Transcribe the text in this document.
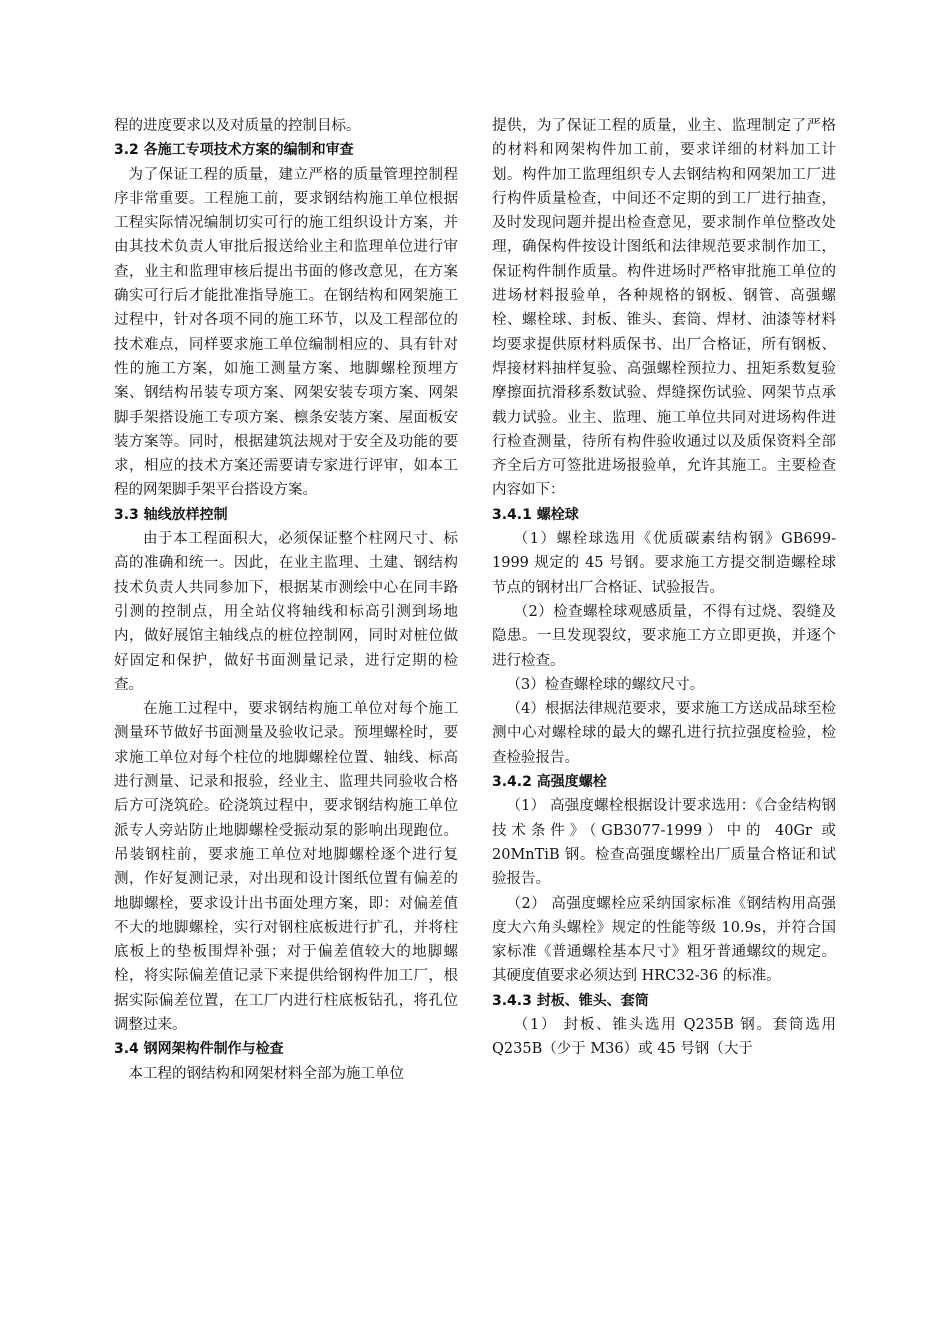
程的进度要求以及对质量的控制目标。

3.2 各施工专项技术方案的编制和审查

为了保证工程的质量，建立严格的质量管理控制程序非常重要。工程施工前，要求钢结构施工单位根据工程实际情况编制切实可行的施工组织设计方案，并由其技术负责人审批后报送给业主和监理单位进行审查，业主和监理审核后提出书面的修改意见，在方案确实可行后才能批准指导施工。在钢结构和网架施工过程中，针对各项不同的施工环节，以及工程部位的技术难点，同样要求施工单位编制相应的、具有针对性的施工方案，如施工测量方案、地脚螺栓预埋方案、钢结构吊装专项方案、网架安装专项方案、网架脚手架搭设施工专项方案、檩条安装方案、屋面板安装方案等。同时，根据建筑法规对于安全及功能的要求，相应的技术方案还需要请专家进行评审，如本工程的网架脚手架平台搭设方案。

3.3 轴线放样控制

由于本工程面积大，必须保证整个柱网尺寸、标高的准确和统一。因此，在业主监理、土建、钢结构技术负责人共同参加下，根据某市测绘中心在同丰路引测的控制点，用全站仪将轴线和标高引测到场地内，做好展馆主轴线点的桩位控制网，同时对桩位做好固定和保护，做好书面测量记录，进行定期的检查。

在施工过程中，要求钢结构施工单位对每个施工测量环节做好书面测量及验收记录。预埋螺栓时，要求施工单位对每个柱位的地脚螺栓位置、轴线、标高进行测量、记录和报验，经业主、监理共同验收合格后方可浇筑砼。砼浇筑过程中，要求钢结构施工单位派专人旁站防止地脚螺栓受振动泵的影响出现跑位。吊装钢柱前，要求施工单位对地脚螺栓逐个进行复测，作好复测记录，对出现和设计图纸位置有偏差的地脚螺栓，要求设计出书面处理方案，即：对偏差值不大的地脚螺栓，实行对钢柱底板进行扩孔，并将柱底板上的垫板围焊补强；对于偏差值较大的地脚螺栓，将实际偏差值记录下来提供给钢构件加工厂，根据实际偏差位置，在工厂内进行柱底板钻孔，将孔位调整过来。

3.4 钢网架构件制作与检查

本工程的钢结构和网架材料全部为施工单位

提供，为了保证工程的质量，业主、监理制定了严格的材料和网架构件加工前，要求详细的材料加工计划。构件加工监理组织专人去钢结构和网架加工厂进行构件质量检查，中间还不定期的到工厂进行抽查，及时发现问题并提出检查意见，要求制作单位整改处理，确保构件按设计图纸和法律规范要求制作加工，保证构件制作质量。构件进场时严格审批施工单位的进场材料报验单，各种规格的钢板、钢管、高强螺栓、螺栓球、封板、锥头、套筒、焊材、油漆等材料均要求提供原材料质保书、出厂合格证，所有钢板、焊接材料抽样复验、高强螺栓预拉力、扭矩系数复验摩擦面抗滑移系数试验、焊缝探伤试验、网架节点承载力试验。业主、监理、施工单位共同对进场构件进行检查测量，待所有构件验收通过以及质保资料全部齐全后方可签批进场报验单，允许其施工。主要检查内容如下：

3.4.1 螺栓球

（1）螺栓球选用《优质碳素结构钢》GB699-1999 规定的 45 号钢。要求施工方提交制造螺栓球节点的钢材出厂合格证、试验报告。

（2）检查螺栓球观感质量，不得有过烧、裂缝及隐患。一旦发现裂纹，要求施工方立即更换，并逐个进行检查。

（3）检查螺栓球的螺纹尺寸。

（4）根据法律规范要求，要求施工方送成品球至检测中心对螺栓球的最大的螺孔进行抗拉强度检验，检查检验报告。

3.4.2 高强度螺栓

（1） 高强度螺栓根据设计要求选用：《合金结构钢技术条件》（GB3077-1999）中的 40Gr 或 20MnTiB 钢。检查高强度螺栓出厂质量合格证和试验报告。

（2） 高强度螺栓应采纳国家标准《钢结构用高强度大六角头螺栓》规定的性能等级 10.9s，并符合国家标准《普通螺栓基本尺寸》粗牙普通螺纹的规定。其硬度值要求必须达到 HRC32-36 的标准。

3.4.3 封板、锥头、套筒

（1） 封板、锥头选用 Q235B 钢。套筒选用 Q235B（少于 M36）或 45 号钢（大于
